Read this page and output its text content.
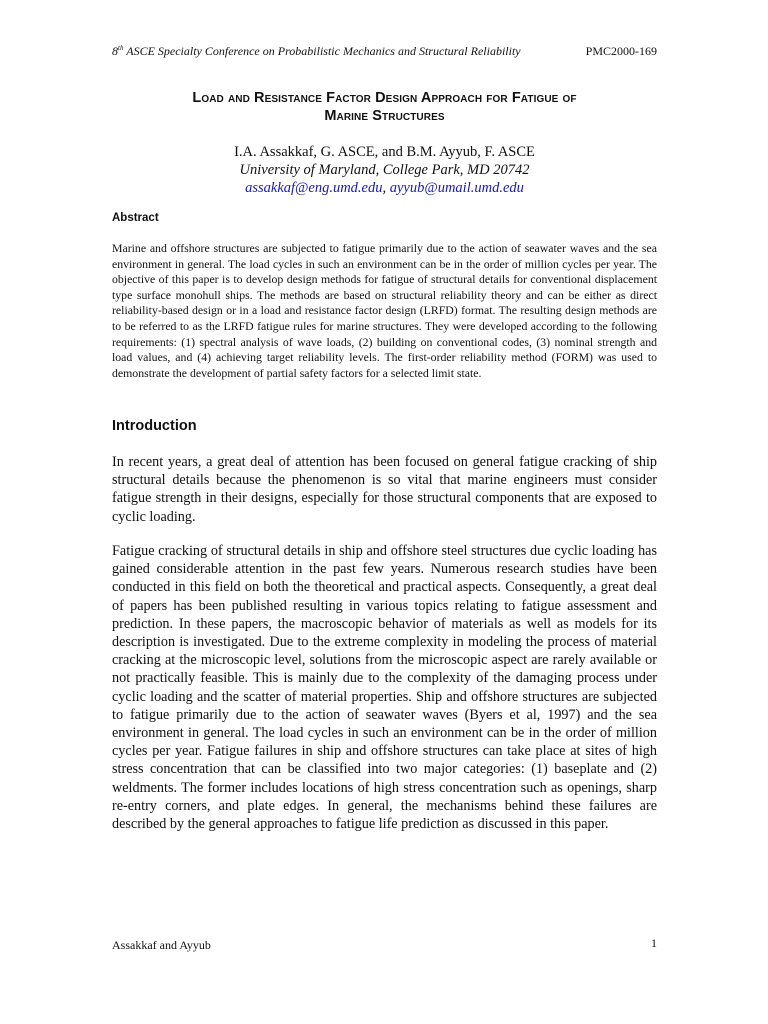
8th ASCE Specialty Conference on Probabilistic Mechanics and Structural Reliability	PMC2000-169
Load and Resistance Factor Design Approach for Fatigue of
Marine Structures
I.A. Assakkaf, G. ASCE, and B.M. Ayyub, F. ASCE
University of Maryland, College Park, MD 20742
assakkaf@eng.umd.edu, ayyub@umail.umd.edu
Abstract
Marine and offshore structures are subjected to fatigue primarily due to the action of seawater waves and the sea environment in general. The load cycles in such an environment can be in the order of million cycles per year. The objective of this paper is to develop design methods for fatigue of structural details for conventional displacement type surface monohull ships. The methods are based on structural reliability theory and can be either as direct reliability-based design or in a load and resistance factor design (LRFD) format. The resulting design methods are to be referred to as the LRFD fatigue rules for marine structures. They were developed according to the following requirements: (1) spectral analysis of wave loads, (2) building on conventional codes, (3) nominal strength and load values, and (4) achieving target reliability levels. The first-order reliability method (FORM) was used to demonstrate the development of partial safety factors for a selected limit state.
Introduction
In recent years, a great deal of attention has been focused on general fatigue cracking of ship structural details because the phenomenon is so vital that marine engineers must consider fatigue strength in their designs, especially for those structural components that are exposed to cyclic loading.
Fatigue cracking of structural details in ship and offshore steel structures due cyclic loading has gained considerable attention in the past few years. Numerous research studies have been conducted in this field on both the theoretical and practical aspects. Consequently, a great deal of papers has been published resulting in various topics relating to fatigue assessment and prediction. In these papers, the macroscopic behavior of materials as well as models for its description is investigated. Due to the extreme complexity in modeling the process of material cracking at the microscopic level, solutions from the microscopic aspect are rarely available or not practically feasible. This is mainly due to the complexity of the damaging process under cyclic loading and the scatter of material properties. Ship and offshore structures are subjected to fatigue primarily due to the action of seawater waves (Byers et al, 1997) and the sea environment in general. The load cycles in such an environment can be in the order of million cycles per year. Fatigue failures in ship and offshore structures can take place at sites of high stress concentration that can be classified into two major categories: (1) baseplate and (2) weldments. The former includes locations of high stress concentration such as openings, sharp re-entry corners, and plate edges. In general, the mechanisms behind these failures are described by the general approaches to fatigue life prediction as discussed in this paper.
Assakkaf and Ayyub	1
